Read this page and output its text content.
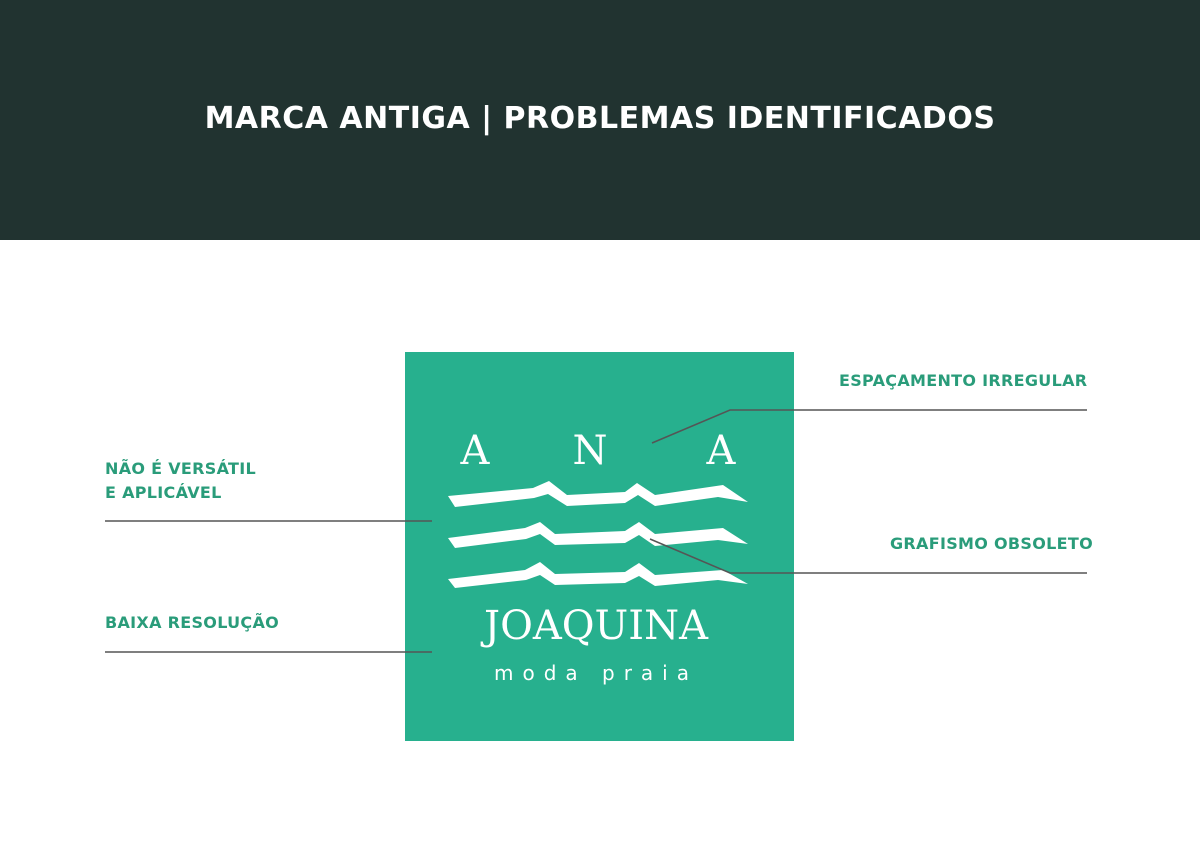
MARCA ANTIGA | PROBLEMAS IDENTIFICADOS
ESPAÇAMENTO IRREGULAR
NÃO É VERSÁTIL
E APLICÁVEL
GRAFISMO OBSOLETO
BAIXA RESOLUÇÃO
A N A
JOAQUINA
moda praia
